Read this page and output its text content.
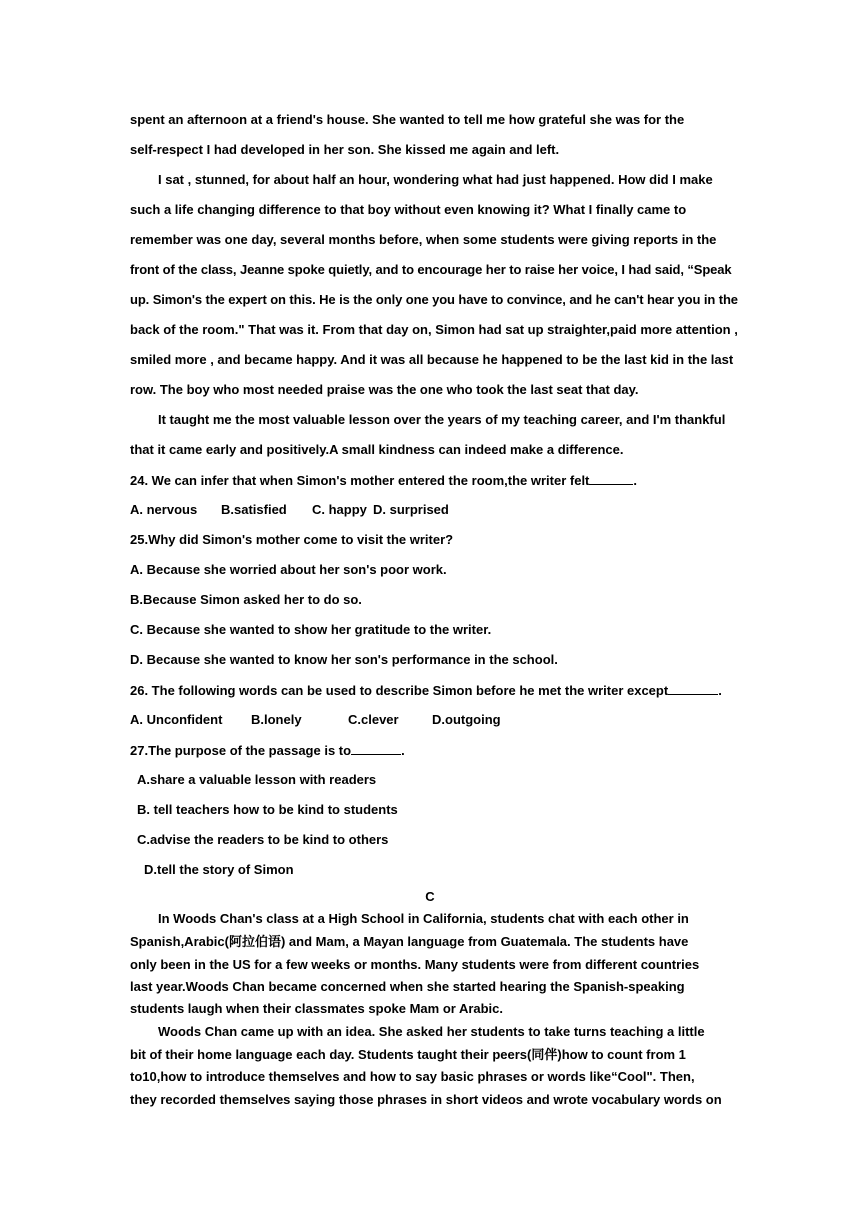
spent an afternoon at a friend's house. She wanted to tell me how grateful she was for the
self-respect I had developed in her son. She kissed me again and left.
I sat , stunned, for about half an hour, wondering what had just happened. How did I make
such a life changing difference to that boy without even knowing it? What I finally came to
remember was one day, several months before, when some students were giving reports in the
front of the class, Jeanne spoke quietly, and to encourage her to raise her voice, I had said, “Speak
up. Simon's the expert on this. He is the only one you have to convince, and he can't hear you in the
back of the room." That was it. From that day on, Simon had sat up straighter,paid more attention ,
smiled more , and became happy. And it was all because he happened to be the last kid in the last
row. The boy who most needed praise was the one who took the last seat that day.
It taught me the most valuable lesson over the years of my teaching career, and I'm thankful
that it came early and positively.A small kindness can indeed make a difference.
24. We can infer that when Simon's mother entered the room,the writer felt	.
A. nervous B.satisfied C. happy D. surprised
25.Why did Simon's mother come to visit the writer?
A. Because she worried about her son's poor work.
B.Because Simon asked her to do so.
C. Because she wanted to show her gratitude to the writer.
D. Because she wanted to know her son's performance in the school.
26. The following words can be used to describe Simon before he met the writer except	.
A. Unconfident B.lonely	C.clever	D.outgoing
27.The purpose of the passage is to	.
A.share a valuable lesson with readers
B. tell teachers how to be kind to students
C.advise the readers to be kind to others
D.tell the story of Simon
C
In Woods Chan's class at a High School in California, students chat with each other in
Spanish,Arabic(阿拉伯语) and Mam, a Mayan language from Guatemala. The students have
only been in the US for a few weeks or months. Many students were from different countries
last year.Woods Chan became concerned when she started hearing the Spanish-speaking
students laugh when their classmates spoke Mam or Arabic.
Woods Chan came up with an idea. She asked her students to take turns teaching a little
bit of their home language each day. Students taught their peers(同伴)how to count from 1
to10,how to introduce themselves and how to say basic phrases or words like“Cool". Then,
they recorded themselves saying those phrases in short videos and wrote vocabulary words on
